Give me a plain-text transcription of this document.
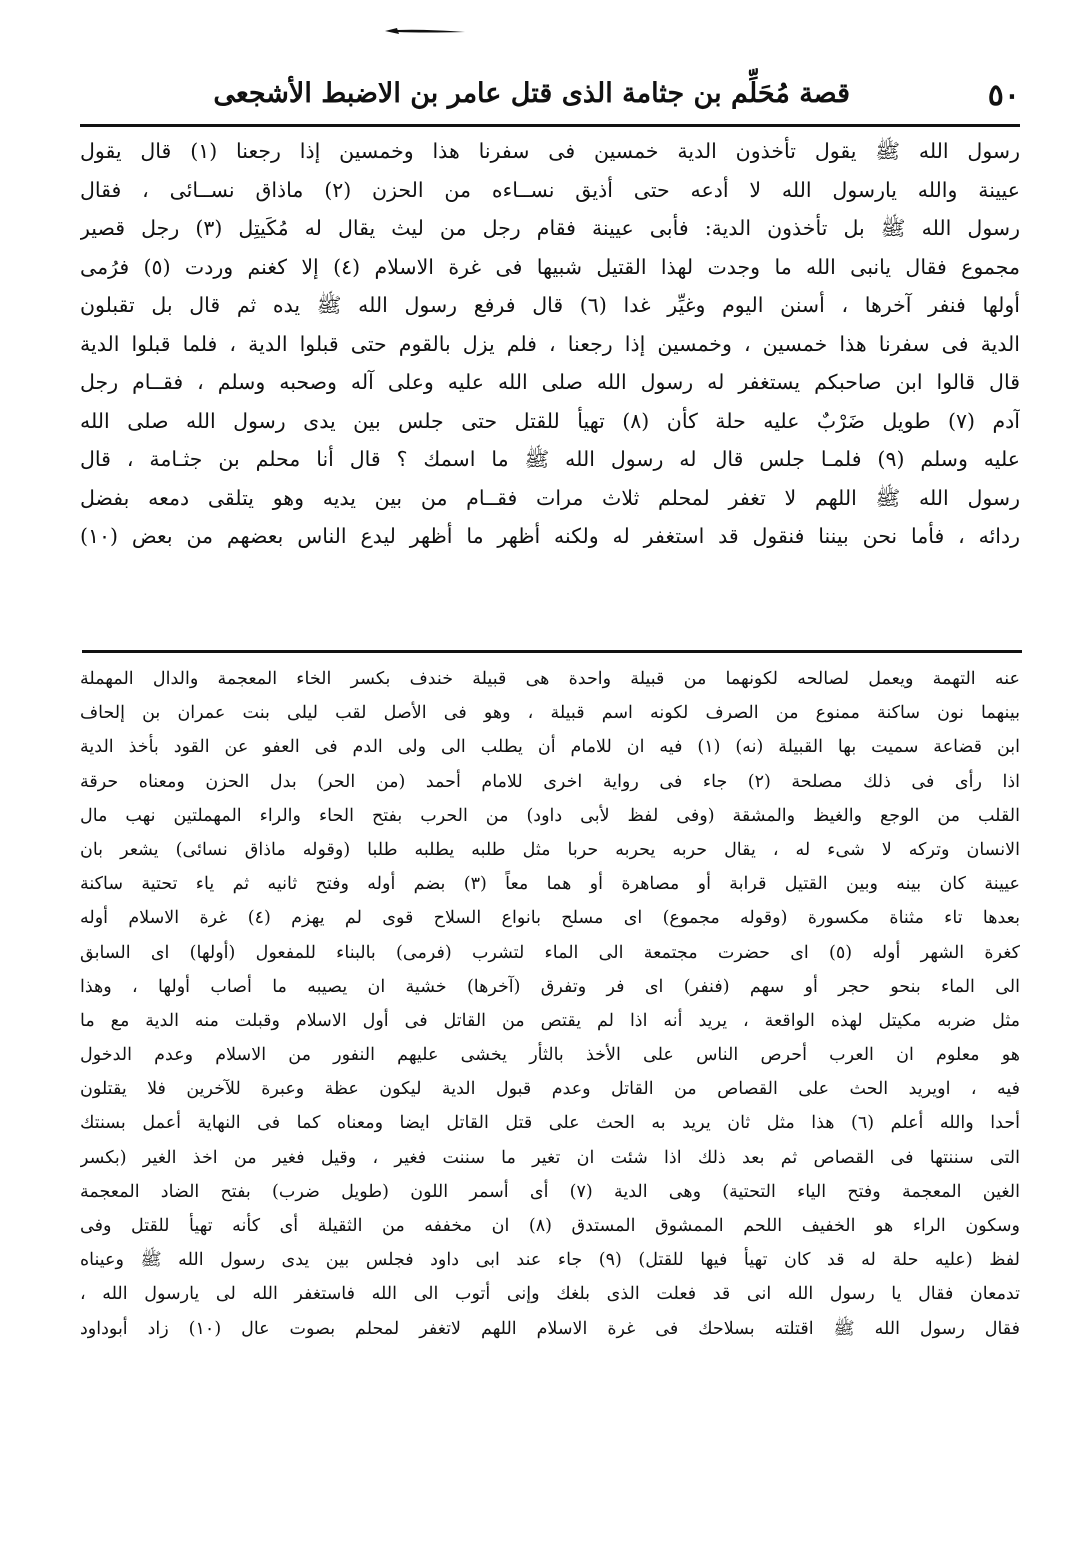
٥٠
قصة مُحَلِّم بن جثامة الذى قتل عامر بن الاضبط الأشجعى
رسول الله ﷺ يقول تأخذون الدية خمسين فى سفرنا هذا وخمسين إذا رجعنا (١) قال يقول
عيينة والله يارسول الله لا أدعه حتى أذيق نســاءه من الحزن (٢) ماذاق نســائى ، فقال
رسول الله ﷺ بل تأخذون الدية: فأبى عيينة فقام رجل من ليث يقال له مُكَيتِل (٣) رجل قصير
مجموع فقال يانبى الله ما وجدت لهذا القتيل شبيها فى غرة الاسلام (٤) إلا كغنم وردت (٥) فرُمى
أولها فنفر آخرها ، أسنن اليوم وغيِّر غدا (٦) قال فرفع رسول الله ﷺ يده ثم قال بل تقبلون
الدية فى سفرنا هذا خمسين ، وخمسين إذا رجعنا ، فلم يزل بالقوم حتى قبلوا الدية ، فلما قبلوا الدية
قال قالوا ابن صاحبكم يستغفر له رسول الله صلى الله عليه وعلى آله وصحبه وسلم ، فقــام رجل
آدم (٧) طويل ضَرْبٌ عليه حلة كأن (٨) تهيأ للقتل حتى جلس بين يدى رسول الله صلى الله
عليه وسلم (٩) فلمـا جلس قال له رسول الله ﷺ ما اسمك ؟ قال أنا محلم بن جثـامة ، قال
رسول الله ﷺ اللهم لا تغفر لمحلم ثلاث مرات فقــام من بين يديه وهو يتلقى دمعه بفضل
ردائه ، فأما نحن بيننا فنقول قد استغفر له ولكنه أظهر ما أظهر ليدع الناس بعضهم من بعض (١٠)
عنه التهمة ويعمل لصالحه لكونهما من قبيلة واحدة هى قبيلة خندف بكسر الخاء المعجمة والدال المهملة
بينهما نون ساكنة ممنوع من الصرف لكونه اسم قبيلة ، وهو فى الأصل لقب ليلى بنت عمران بن إلحاف
ابن قضاعة سميت بها القبيلة (نه) (١) فيه ان للامام أن يطلب الى ولى الدم فى العفو عن القود بأخذ الدية
اذا رأى فى ذلك مصلحة (٢) جاء فى رواية اخرى للامام أحمد (من الحر) بدل الحزن ومعناه حرقة
القلب من الوجع والغيظ والمشقة (وفى لفظ لأبى داود) من الحرب بفتح الحاء والراء المهملتين نهب مال
الانسان وتركه لا شىء له ، يقال حربه يحربه حربا مثل طلبه يطلبه طلبا (وقوله ماذاق نسائى) يشعر بان
عيينة كان بينه وبين القتيل قرابة أو مصاهرة أو هما معاً (٣) بضم أوله وفتح ثانيه ثم ياء تحتية ساكنة
بعدها تاء مثناة مكسورة (وقوله مجموع) اى مسلح بانواع السلاح قوى لم يهزم (٤) غرة الاسلام أوله
كغرة الشهر أوله (٥) اى حضرت مجتمعة الى الماء لتشرب (فرمى) بالبناء للمفعول (أولها) اى السابق
الى الماء بنحو حجر أو سهم (فنفر) اى فر وتفرق (آخرها) خشية ان يصيبه ما أصاب أولها ، وهذا
مثل ضربه مكيتل لهذه الواقعة ، يريد أنه اذا لم يقتص من القاتل فى أول الاسلام وقبلت منه الدية مع ما
هو معلوم ان العرب أحرص الناس على الأخذ بالثأر يخشى عليهم النفور من الاسلام وعدم الدخول
فيه ، اويريد الحث على القصاص من القاتل وعدم قبول الدية ليكون عظة وعبرة للآخرين فلا يقتلون
أحدا والله أعلم (٦) هذا مثل ثان يريد به الحث على قتل القاتل ايضا ومعناه كما فى النهاية أعمل بسنتك
التى سننتها فى القصاص ثم بعد ذلك اذا شئت ان تغير ما سننت فغير ، وقيل فغير من اخذ الغير (بكسر
الغين المعجمة وفتح الياء التحتية) وهى الدية (٧) أى أسمر اللون (طويل ضرب) بفتح الضاد المعجمة
وسكون الراء هو الخفيف اللحم الممشوق المستدق (٨) ان مخففه من الثقيلة أى كأنه تهيأ للقتل وفى
لفظ (عليه حلة له قد كان تهيأ فيها للقتل) (٩) جاء عند ابى داود فجلس بين يدى رسول الله ﷺ وعيناه
تدمعان فقال يا رسول الله انى قد فعلت الذى بلغك وإنى أتوب الى الله فاستغفر الله لى يارسول الله ،
فقال رسول الله ﷺ اقتلته بسلاحك فى غرة الاسلام اللهم لاتغفر لمحلم بصوت عال (١٠) زاد أبوداود
